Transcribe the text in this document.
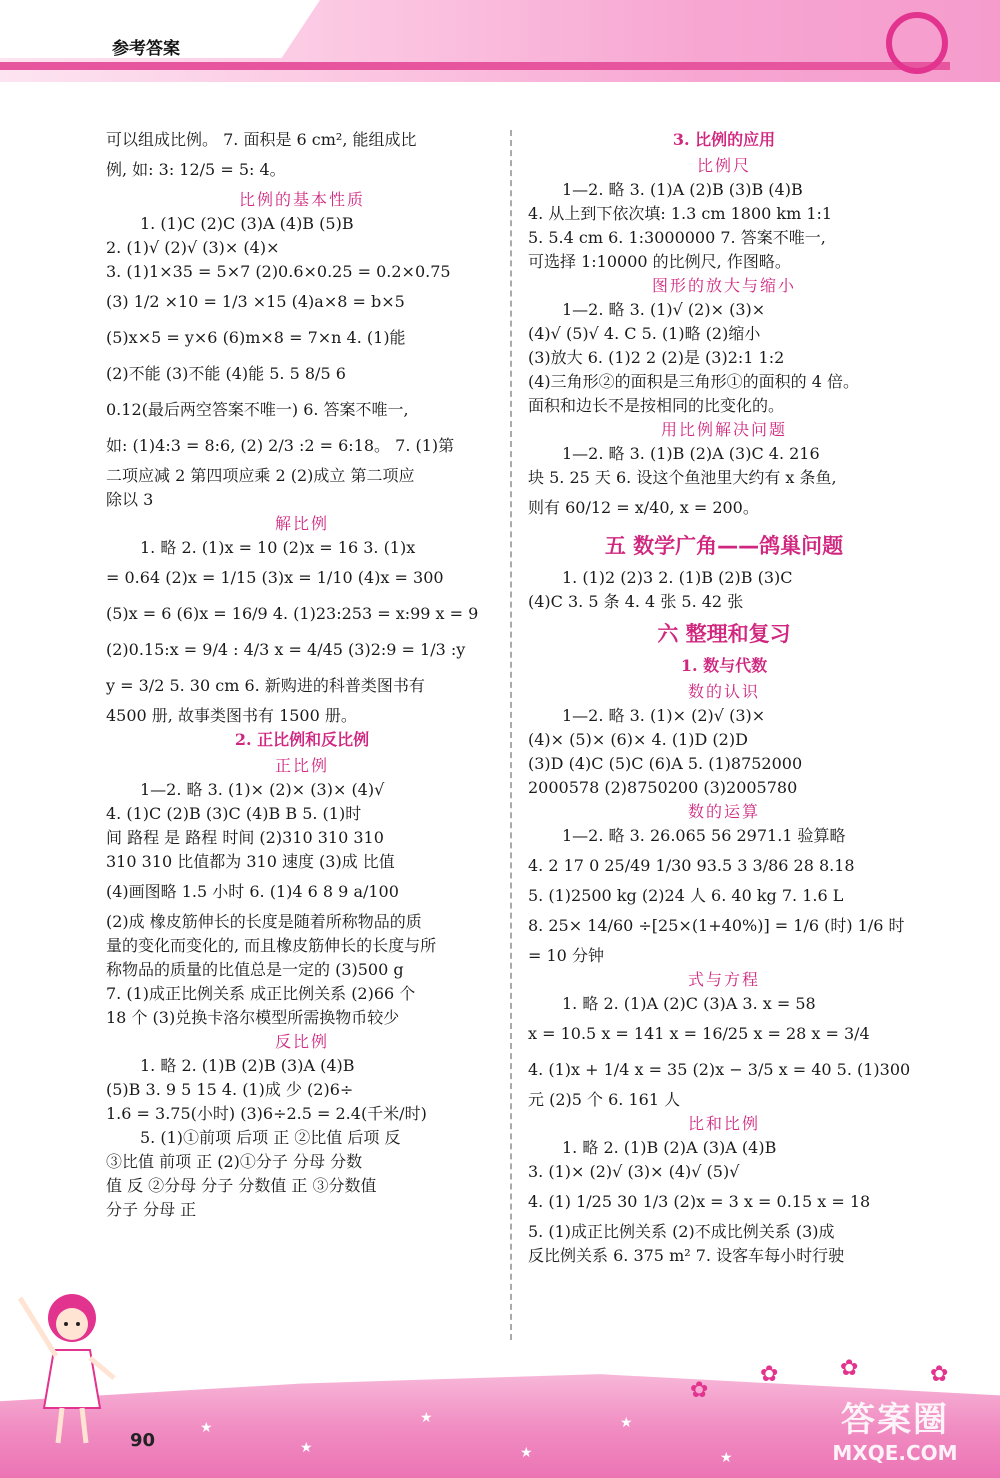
参考答案
可以组成比例。 7. 面积是 6 cm², 能组成比
例, 如: 3: 12/5 = 5: 4。
比例的基本性质
1. (1)C (2)C (3)A (4)B (5)B
2. (1)√ (2)√ (3)× (4)×
3. (1)1×35 = 5×7 (2)0.6×0.25 = 0.2×0.75
(3) 1/2 ×10 = 1/3 ×15 (4)a×8 = b×5
(5)x×5 = y×6 (6)m×8 = 7×n 4. (1)能
(2)不能 (3)不能 (4)能 5. 5 8/5 6
0.12(最后两空答案不唯一) 6. 答案不唯一,
如: (1)4:3 = 8:6, (2) 2/3 :2 = 6:18。 7. (1)第
二项应减 2 第四项应乘 2 (2)成立 第二项应
除以 3
解比例
1. 略 2. (1)x = 10 (2)x = 16 3. (1)x
= 0.64 (2)x = 1/15 (3)x = 1/10 (4)x = 300
(5)x = 6 (6)x = 16/9 4. (1)23:253 = x:99 x = 9
(2)0.15:x = 9/4 : 4/3 x = 4/45 (3)2:9 = 1/3 :y
y = 3/2 5. 30 cm 6. 新购进的科普类图书有
4500 册, 故事类图书有 1500 册。
2. 正比例和反比例
正比例
1—2. 略 3. (1)× (2)× (3)× (4)√
4. (1)C (2)B (3)C (4)B B 5. (1)时
间 路程 是 路程 时间 (2)310 310 310
310 310 比值都为 310 速度 (3)成 比值
(4)画图略 1.5 小时 6. (1)4 6 8 9 a/100
(2)成 橡皮筋伸长的长度是随着所称物品的质
量的变化而变化的, 而且橡皮筋伸长的长度与所
称物品的质量的比值总是一定的 (3)500 g
7. (1)成正比例关系 成正比例关系 (2)66 个
18 个 (3)兑换卡洛尔模型所需换物币较少
反比例
1. 略 2. (1)B (2)B (3)A (4)B
(5)B 3. 9 5 15 4. (1)成 少 (2)6÷
1.6 = 3.75(小时) (3)6÷2.5 = 2.4(千米/时)
5. (1)①前项 后项 正 ②比值 后项 反
③比值 前项 正 (2)①分子 分母 分数
值 反 ②分母 分子 分数值 正 ③分数值
分子 分母 正
3. 比例的应用
比例尺
1—2. 略 3. (1)A (2)B (3)B (4)B
4. 从上到下依次填: 1.3 cm 1800 km 1:1
5. 5.4 cm 6. 1:3000000 7. 答案不唯一,
可选择 1:10000 的比例尺, 作图略。
图形的放大与缩小
1—2. 略 3. (1)√ (2)× (3)×
(4)√ (5)√ 4. C 5. (1)略 (2)缩小
(3)放大 6. (1)2 2 (2)是 (3)2:1 1:2
(4)三角形②的面积是三角形①的面积的 4 倍。
面积和边长不是按相同的比变化的。
用比例解决问题
1—2. 略 3. (1)B (2)A (3)C 4. 216
块 5. 25 天 6. 设这个鱼池里大约有 x 条鱼,
则有 60/12 = x/40, x = 200。
五 数学广角——鸽巢问题
1. (1)2 (2)3 2. (1)B (2)B (3)C
(4)C 3. 5 条 4. 4 张 5. 42 张
六 整理和复习
1. 数与代数
数的认识
1—2. 略 3. (1)× (2)√ (3)×
(4)× (5)× (6)× 4. (1)D (2)D
(3)D (4)C (5)C (6)A 5. (1)8752000
2000578 (2)8750200 (3)2005780
数的运算
1—2. 略 3. 26.065 56 2971.1 验算略
4. 2 17 0 25/49 1/30 93.5 3 3/86 28 8.18
5. (1)2500 kg (2)24 人 6. 40 kg 7. 1.6 L
8. 25× 14/60 ÷[25×(1+40%)] = 1/6 (时) 1/6 时
= 10 分钟
式与方程
1. 略 2. (1)A (2)C (3)A 3. x = 58
x = 10.5 x = 141 x = 16/25 x = 28 x = 3/4
4. (1)x + 1/4 x = 35 (2)x − 3/5 x = 40 5. (1)300
元 (2)5 个 6. 161 人
比和比例
1. 略 2. (1)B (2)A (3)A (4)B
3. (1)× (2)√ (3)× (4)√ (5)√
4. (1) 1/25 30 1/3 (2)x = 3 x = 0.15 x = 18
5. (1)成正比例关系 (2)不成比例关系 (3)成
反比例关系 6. 375 m² 7. 设客车每小时行驶
★
★
★
★
★
★
✿
✿	✿	✿
90
答案圈
MXQE.COM
